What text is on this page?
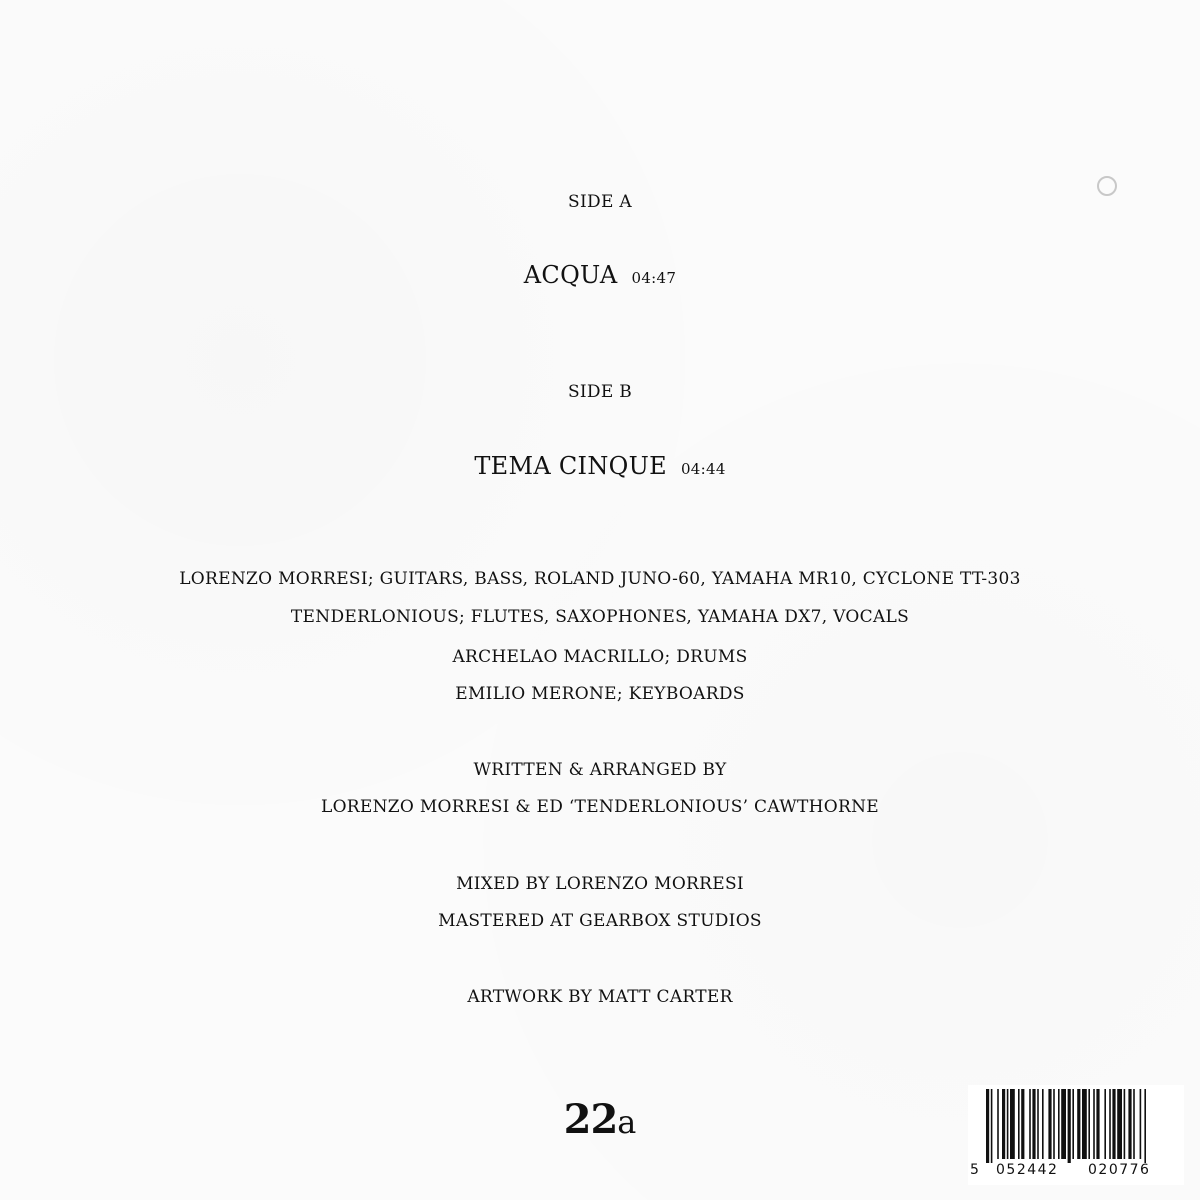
SIDE A
ACQUA 04:47
SIDE B
TEMA CINQUE 04:44
LORENZO MORRESI; GUITARS, BASS, ROLAND JUNO-60, YAMAHA MR10, CYCLONE TT-303
TENDERLONIOUS; FLUTES, SAXOPHONES, YAMAHA DX7, VOCALS
ARCHELAO MACRILLO; DRUMS
EMILIO MERONE; KEYBOARDS
WRITTEN & ARRANGED BY
LORENZO MORRESI & ED ‘TENDERLONIOUS’ CAWTHORNE
MIXED BY LORENZO MORRESI
MASTERED AT GEARBOX STUDIOS
ARTWORK BY MATT CARTER
22a
5 052442 020776
